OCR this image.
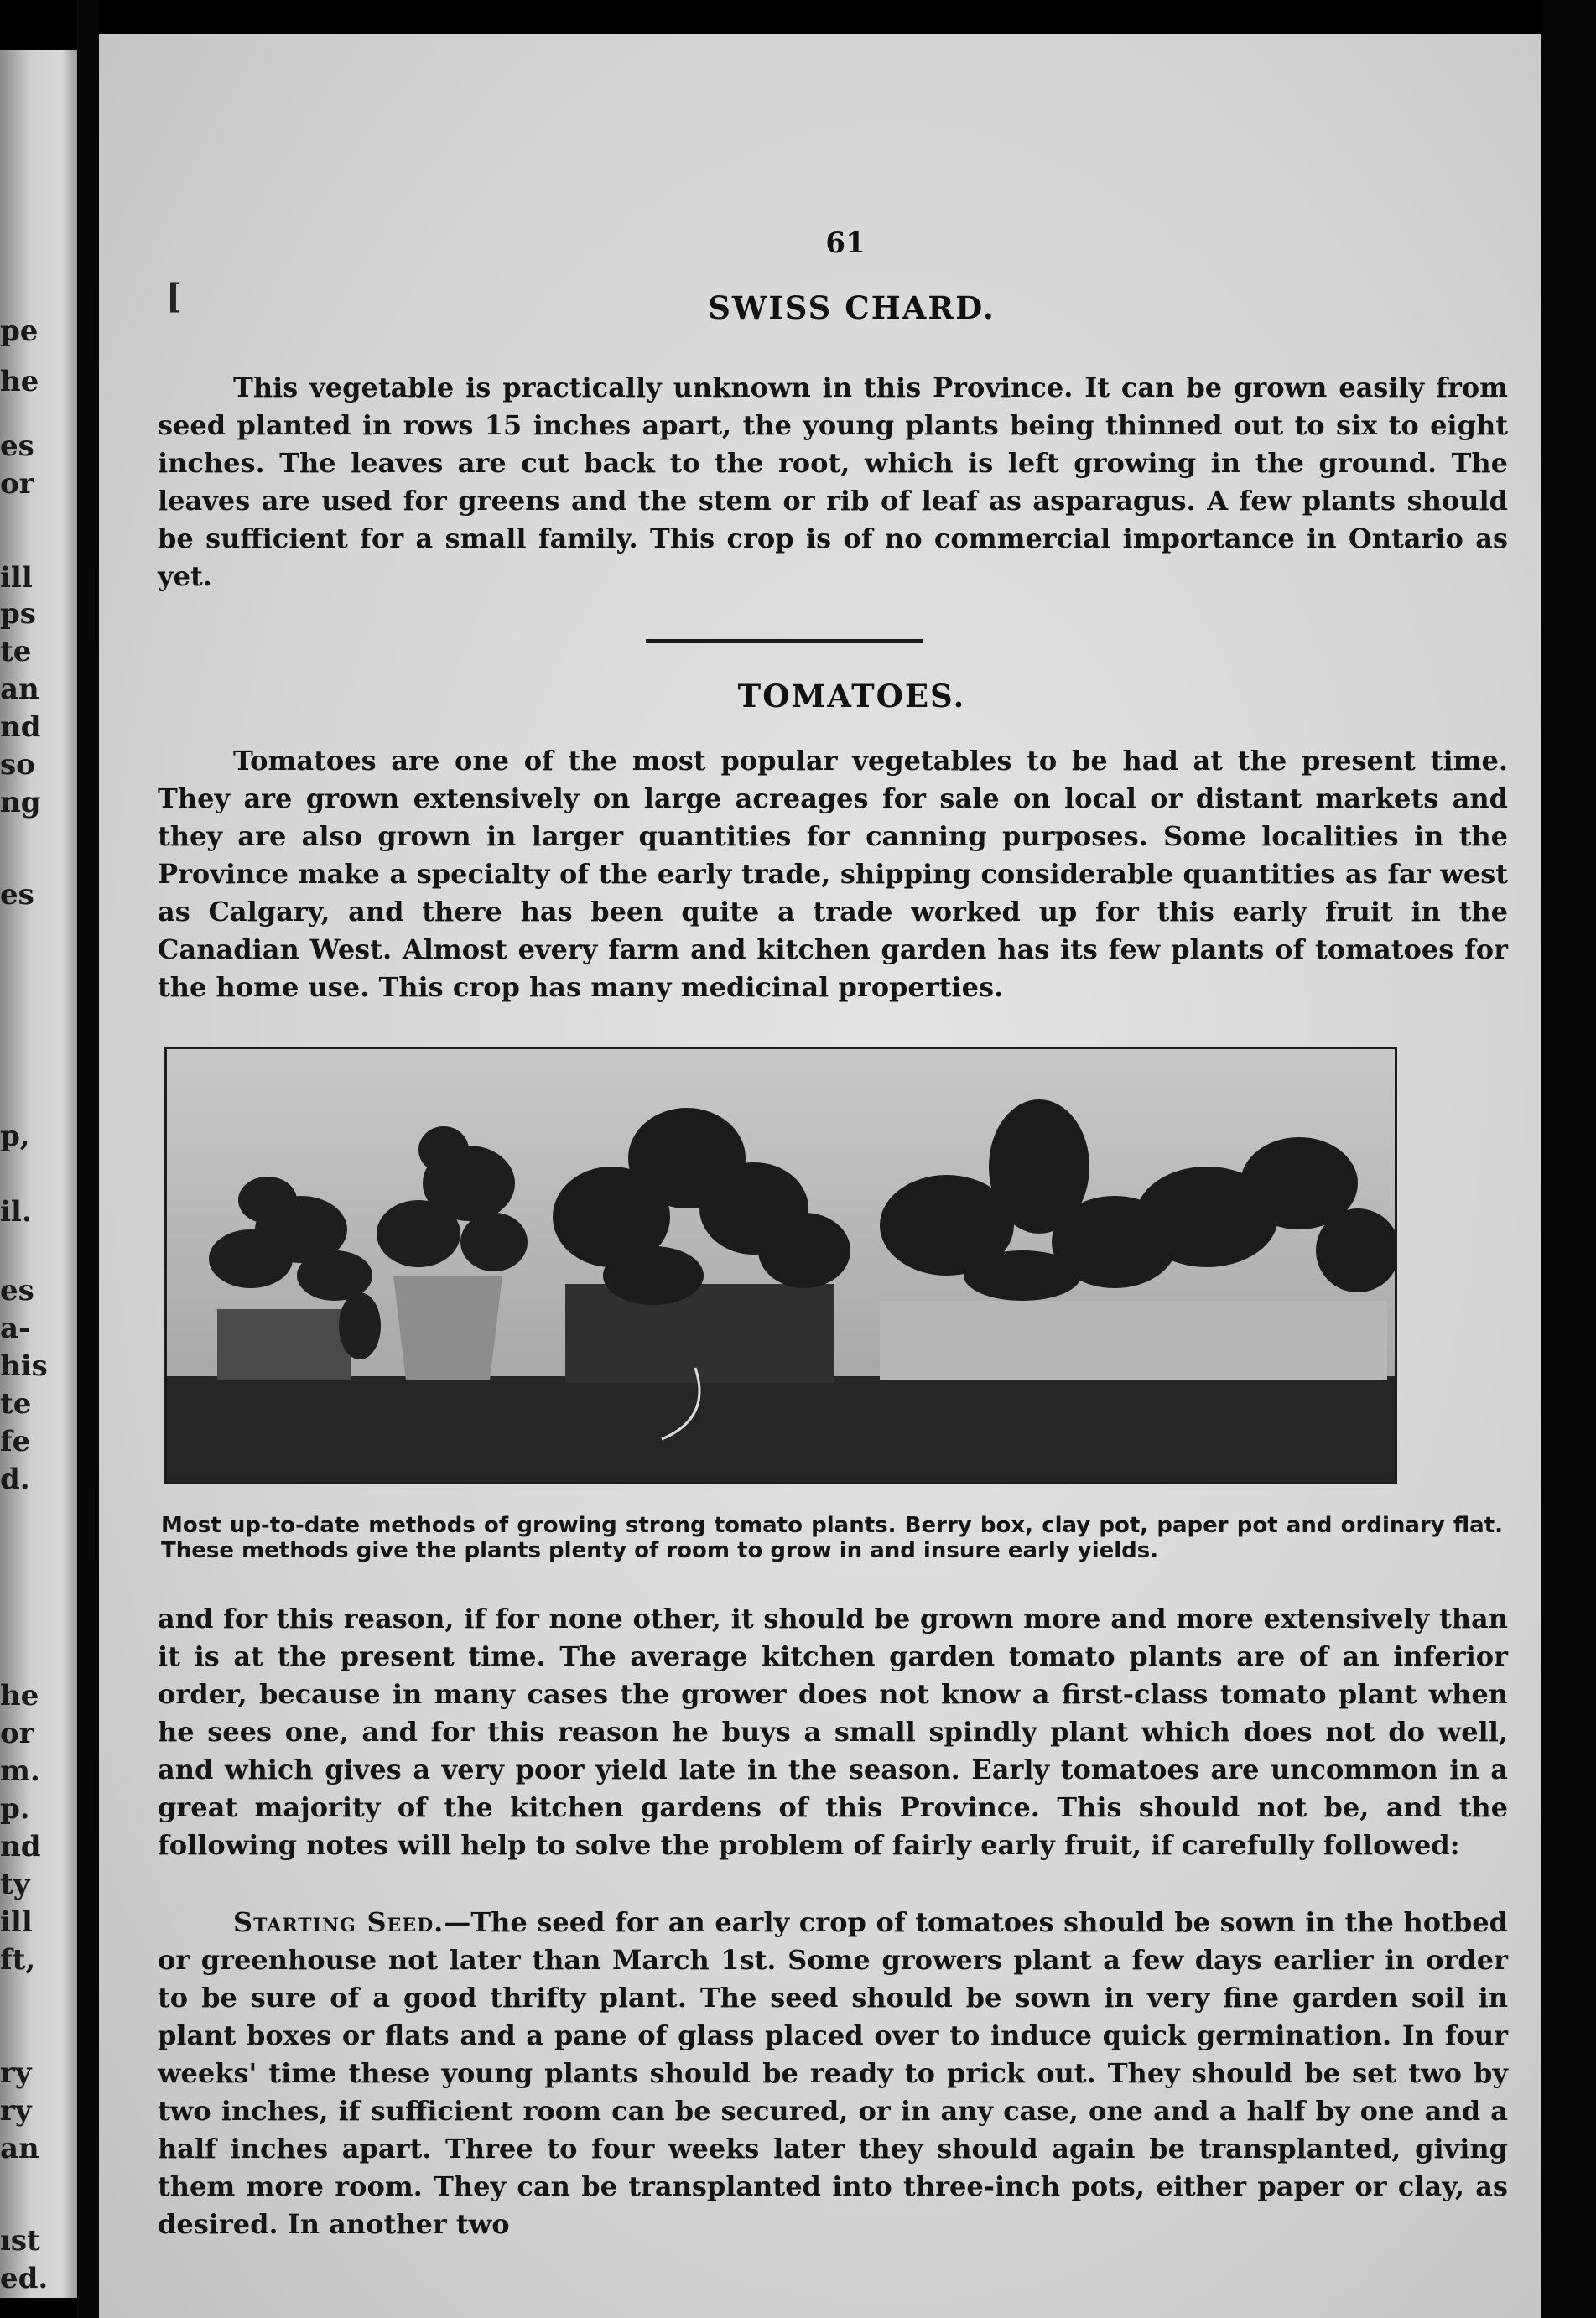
pe
he
es
or
ill
ps
te
an
nd
so
ng
es
p,
il.
es
a-
his
te
fe
d.
he
or
m.
p.
nd
ty
ill
ft,
ry
ry
an
ıst
ed.
61
[	SWISS CHARD.

This vegetable is practically unknown in this Province. It can be grown easily from seed planted in rows 15 inches apart, the young plants being thinned out to six to eight inches. The leaves are cut back to the root, which is left growing in the ground. The leaves are used for greens and the stem or rib of leaf as asparagus. A few plants should be sufficient for a small family. This crop is of no commercial importance in Ontario as yet.

TOMATOES.

Tomatoes are one of the most popular vegetables to be had at the present time. They are grown extensively on large acreages for sale on local or distant markets and they are also grown in larger quantities for canning purposes. Some localities in the Province make a specialty of the early trade, shipping considerable quantities as far west as Calgary, and there has been quite a trade worked up for this early fruit in the Canadian West. Almost every farm and kitchen garden has its few plants of tomatoes for the home use. This crop has many medicinal properties.

Most up-to-date methods of growing strong tomato plants. Berry box, clay pot, paper pot and ordinary flat. These methods give the plants plenty of room to grow in and insure early yields.

and for this reason, if for none other, it should be grown more and more extensively than it is at the present time. The average kitchen garden tomato plants are of an inferior order, because in many cases the grower does not know a first-class tomato plant when he sees one, and for this reason he buys a small spindly plant which does not do well, and which gives a very poor yield late in the season. Early tomatoes are uncommon in a great majority of the kitchen gardens of this Province. This should not be, and the following notes will help to solve the problem of fairly early fruit, if carefully followed:

Starting Seed.—The seed for an early crop of tomatoes should be sown in the hotbed or greenhouse not later than March 1st. Some growers plant a few days earlier in order to be sure of a good thrifty plant. The seed should be sown in very fine garden soil in plant boxes or flats and a pane of glass placed over to induce quick germination. In four weeks' time these young plants should be ready to prick out. They should be set two by two inches, if sufficient room can be secured, or in any case, one and a half by one and a half inches apart. Three to four weeks later they should again be transplanted, giving them more room. They can be transplanted into three-inch pots, either paper or clay, as desired. In another two
